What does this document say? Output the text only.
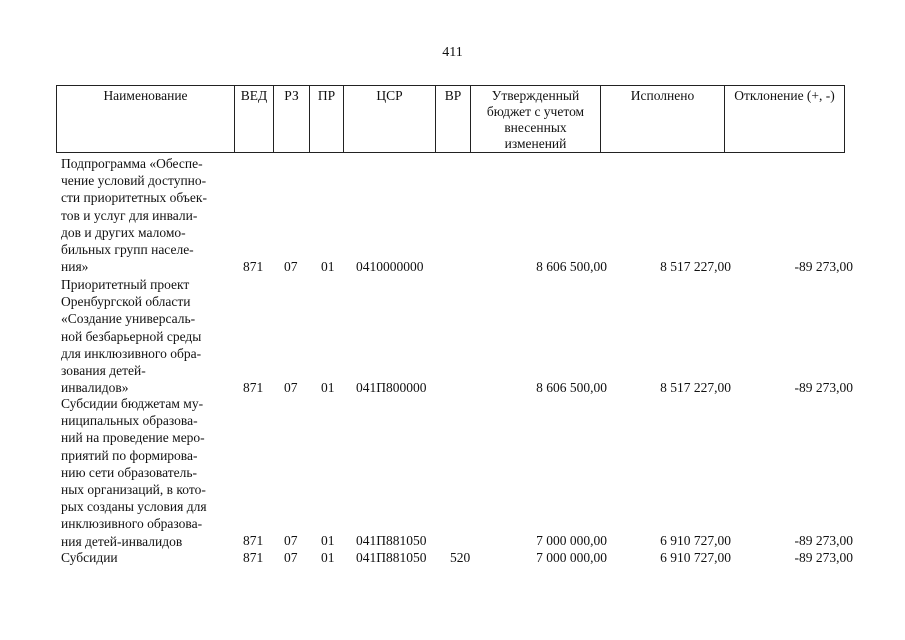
411
Наименование	ВЕД	РЗ	ПР	ЦСР	ВР	Утвержденный бюджет с учетом внесенных изменений	Исполнено	Отклонение (+, -)
Подпрограмма «Обеспе-
чение условий доступно-
сти приоритетных объек-
тов и услуг для инвали-
дов и других маломо-
бильных групп населе-
ния»	871 07 01 0410000000	8 606 500,00	8 517 227,00	-89 273,00
Приоритетный проект
Оренбургской области
«Создание универсаль-
ной безбарьерной среды
для инклюзивного обра-
зования детей-
инвалидов»	871 07 01 041П800000	8 606 500,00	8 517 227,00	-89 273,00
Субсидии бюджетам му-
ниципальных образова-
ний на проведение меро-
приятий по формирова-
нию сети образователь-
ных организаций, в кото-
рых созданы условия для
инклюзивного образова-
ния детей-инвалидов	871 07 01 041П881050	7 000 000,00	6 910 727,00	-89 273,00
Субсидии	871 07 01 041П881050 520	7 000 000,00	6 910 727,00	-89 273,00
